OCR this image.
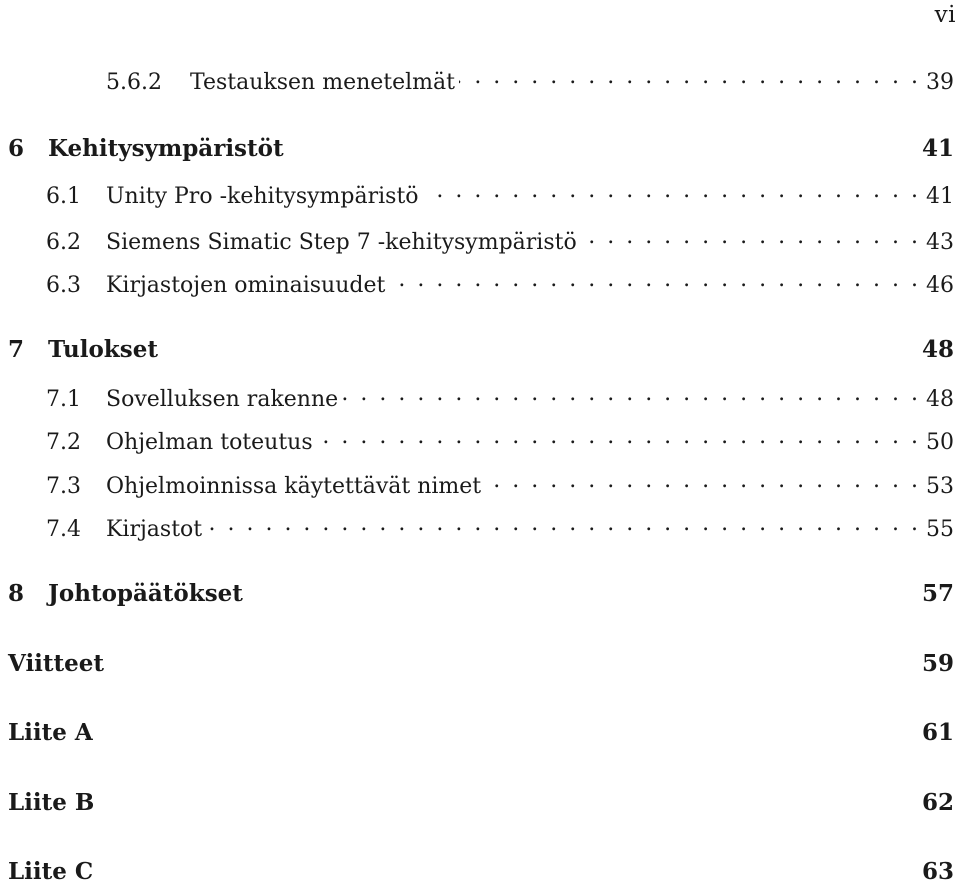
vi
5.6.2	Testauksen menetelmät . . .	39
6	Kehitysympäristöt	41
6.1	Unity Pro -kehitysympäristö . . .	41
6.2	Siemens Simatic Step 7 -kehitysympäristö . . .	43
6.3	Kirjastojen ominaisuudet . . .	46
7	Tulokset	48
7.1	Sovelluksen rakenne . . .	48
7.2	Ohjelman toteutus . . .	50
7.3	Ohjelmoinnissa käytettävät nimet . . .	53
7.4	Kirjastot . . .	55
8	Johtopäätökset	57
Viitteet	59
Liite A	61
Liite B	62
Liite C	63
